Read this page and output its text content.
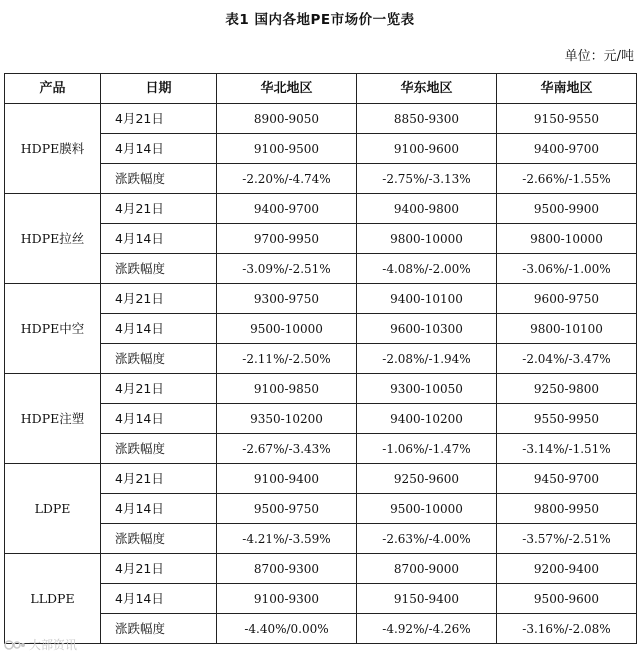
表1 国内各地PE市场价一览表
单位：元/吨
产品	日期	华北地区	华东地区	华南地区
HDPE膜料	4月21日	8900-9050	8850-9300	9150-9550
	4月14日	9100-9500	9100-9600	9400-9700
	涨跌幅度	-2.20%/-4.74%	-2.75%/-3.13%	-2.66%/-1.55%
HDPE拉丝	4月21日	9400-9700	9400-9800	9500-9900
	4月14日	9700-9950	9800-10000	9800-10000
	涨跌幅度	-3.09%/-2.51%	-4.08%/-2.00%	-3.06%/-1.00%
HDPE中空	4月21日	9300-9750	9400-10100	9600-9750
	4月14日	9500-10000	9600-10300	9800-10100
	涨跌幅度	-2.11%/-2.50%	-2.08%/-1.94%	-2.04%/-3.47%
HDPE注塑	4月21日	9100-9850	9300-10050	9250-9800
	4月14日	9350-10200	9400-10200	9550-9950
	涨跌幅度	-2.67%/-3.43%	-1.06%/-1.47%	-3.14%/-1.51%
LDPE	4月21日	9100-9400	9250-9600	9450-9700
	4月14日	9500-9750	9500-10000	9800-9950
	涨跌幅度	-4.21%/-3.59%	-2.63%/-4.00%	-3.57%/-2.51%
LLDPE	4月21日	8700-9300	8700-9000	9200-9400
	4月14日	9100-9300	9150-9400	9500-9600
	涨跌幅度	-4.40%/0.00%	-4.92%/-4.26%	-3.16%/-2.08%
大部资讯
